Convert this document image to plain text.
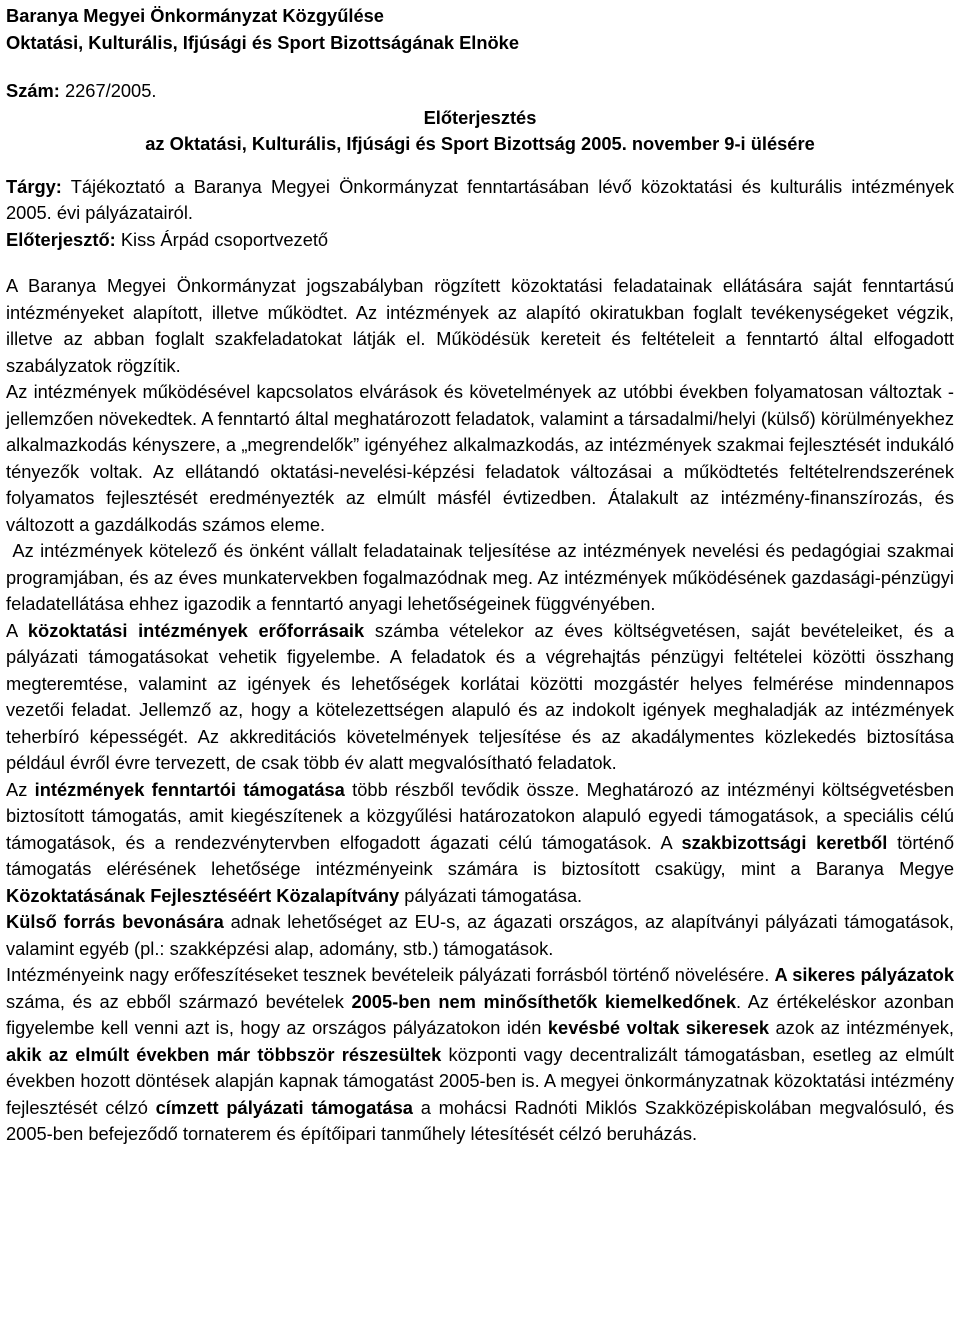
Baranya Megyei Önkormányzat Közgyűlése

Oktatási, Kulturális, Ifjúsági és Sport Bizottságának Elnöke

Szám: 2267/2005.

Előterjesztés

az Oktatási, Kulturális, Ifjúsági és Sport Bizottság 2005. november 9-i ülésére

Tárgy: Tájékoztató a Baranya Megyei Önkormányzat fenntartásában lévő közoktatási és kulturális intézmények 2005. évi pályázatairól.

Előterjesztő: Kiss Árpád csoportvezető

A Baranya Megyei Önkormányzat jogszabályban rögzített közoktatási feladatainak ellátására saját fenntartású intézményeket alapított, illetve működtet. Az intézmények az alapító okiratukban foglalt tevékenységeket végzik, illetve az abban foglalt szakfeladatokat látják el. Működésük kereteit és feltételeit a fenntartó által elfogadott szabályzatok rögzítik.

Az intézmények működésével kapcsolatos elvárások és követelmények az utóbbi években folyamatosan változtak - jellemzően növekedtek. A fenntartó által meghatározott feladatok, valamint a társadalmi/helyi (külső) körülményekhez alkalmazkodás kényszere, a „megrendelők” igényéhez alkalmazkodás, az intézmények szakmai fejlesztését indukáló tényezők voltak. Az ellátandó oktatási-nevelési-képzési feladatok változásai a működtetés feltételrendszerének folyamatos fejlesztését eredményezték az elmúlt másfél évtizedben. Átalakult az intézmény-finanszírozás, és változott a gazdálkodás számos eleme.

Az intézmények kötelező és önként vállalt feladatainak teljesítése az intézmények nevelési és pedagógiai szakmai programjában, és az éves munkatervekben fogalmazódnak meg. Az intézmények működésének gazdasági-pénzügyi feladatellátása ehhez igazodik a fenntartó anyagi lehetőségeinek függvényében.

A közoktatási intézmények erőforrásaik számba vételekor az éves költségvetésen, saját bevételeiket, és a pályázati támogatásokat vehetik figyelembe. A feladatok és a végrehajtás pénzügyi feltételei közötti összhang megteremtése, valamint az igények és lehetőségek korlátai közötti mozgástér helyes felmérése mindennapos vezetői feladat. Jellemző az, hogy a kötelezettségen alapuló és az indokolt igények meghaladják az intézmények teherbíró képességét. Az akkreditációs követelmények teljesítése és az akadálymentes közlekedés biztosítása például évről évre tervezett, de csak több év alatt megvalósítható feladatok.

Az intézmények fenntartói támogatása több részből tevődik össze. Meghatározó az intézményi költségvetésben biztosított támogatás, amit kiegészítenek a közgyűlési határozatokon alapuló egyedi támogatások, a speciális célú támogatások, és a rendezvénytervben elfogadott ágazati célú támogatások. A szakbizottsági keretből történő támogatás elérésének lehetősége intézményeink számára is biztosított csakügy, mint a Baranya Megye Közoktatásának Fejlesztéséért Közalapítvány pályázati támogatása.

Külső forrás bevonására adnak lehetőséget az EU-s, az ágazati országos, az alapítványi pályázati támogatások, valamint egyéb (pl.: szakképzési alap, adomány, stb.) támogatások.

Intézményeink nagy erőfeszítéseket tesznek bevételeik pályázati forrásból történő növelésére. A sikeres pályázatok száma, és az ebből származó bevételek 2005-ben nem minősíthetők kiemelkedőnek. Az értékeléskor azonban figyelembe kell venni azt is, hogy az országos pályázatokon idén kevésbé voltak sikeresek azok az intézmények, akik az elmúlt években már többször részesültek központi vagy decentralizált támogatásban, esetleg az elmúlt években hozott döntések alapján kapnak támogatást 2005-ben is. A megyei önkormányzatnak közoktatási intézmény fejlesztését célzó címzett pályázati támogatása a mohácsi Radnóti Miklós Szakközépiskolában megvalósuló, és 2005-ben befejeződő tornaterem és építőipari tanműhely létesítését célzó beruházás.
